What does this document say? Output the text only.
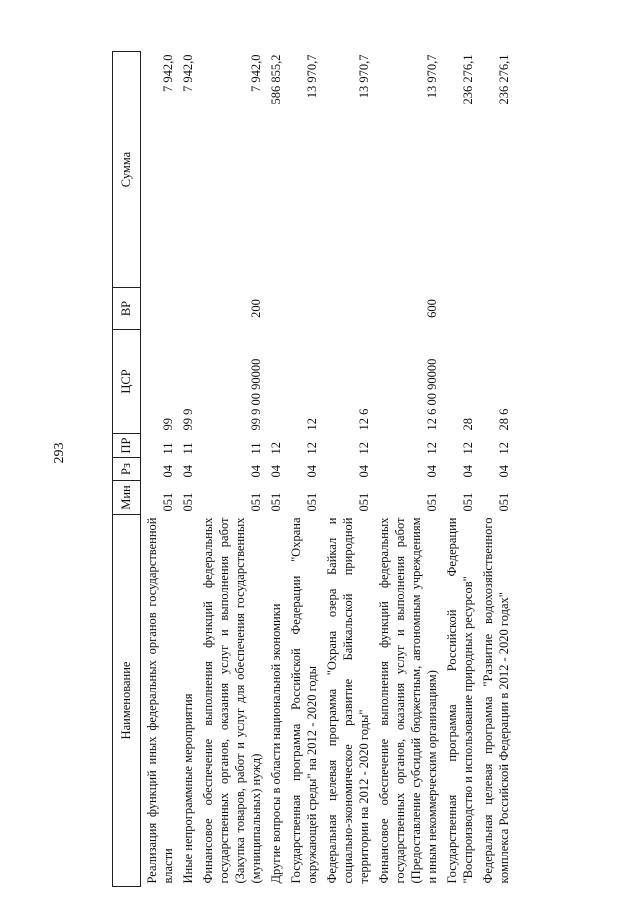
293
Наименование	Мин	Рз	ПР	ЦСР	ВР	Сумма
Реализация функций иных федеральных органов государственной власти	051	04	11	99		7 942,0
Иные непрограммные мероприятия	051	04	11	99 9		7 942,0
Финансовое обеспечение выполнения функций федеральных государственных органов, оказания услуг и выполнения работ (Закупка товаров, работ и услуг для обеспечения государственных (муниципальных) нужд)	051	04	11	99 9 00 90000	200	7 942,0
Другие вопросы в области национальной экономики	051	04	12			586 855,2
Государственная программа Российской Федерации "Охрана окружающей среды" на 2012 - 2020 годы	051	04	12	12		13 970,7
Федеральная целевая программа "Охрана озера Байкал и социально-экономическое развитие Байкальской природной территории на 2012 - 2020 годы"	051	04	12	12 6		13 970,7
Финансовое обеспечение выполнения функций федеральных государственных органов, оказания услуг и выполнения работ (Предоставление субсидий бюджетным, автономным учреждениям и иным некоммерческим организациям)	051	04	12	12 6 00 90000	600	13 970,7
Государственная программа Российской Федерации "Воспроизводство и использование природных ресурсов"	051	04	12	28		236 276,1
Федеральная целевая программа "Развитие водохозяйственного комплекса Российской Федерации в 2012 - 2020 годах"	051	04	12	28 6		236 276,1
